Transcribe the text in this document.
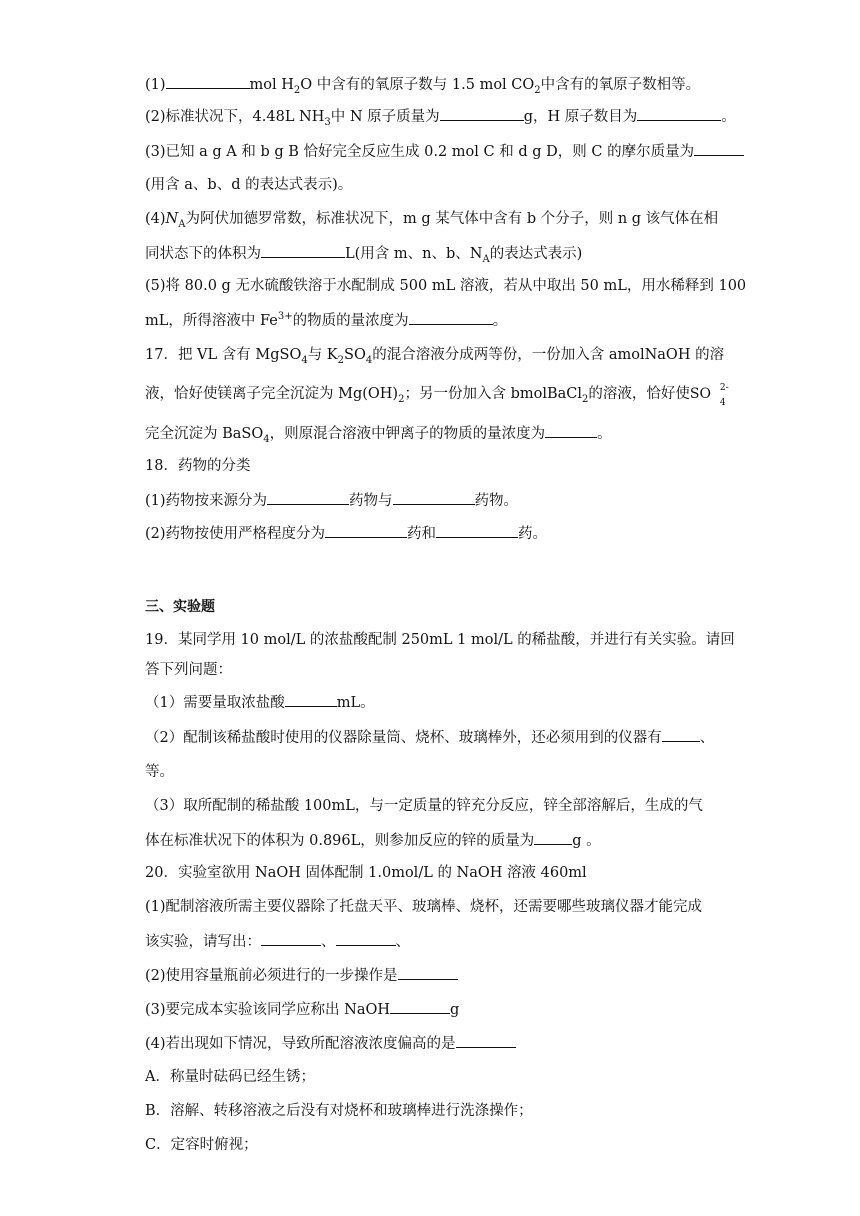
(1)	mol $H_2O$ 中含有的氧原子数与 1.5 mol $CO_2$中含有的氧原子数相等。
(2)标准状况下，4.48L $NH_3$中 N 原子质量为	g，H 原子数目为	。
(3)已知 a g A 和 b g B 恰好完全反应生成 0.2 mol C 和 d g D，则 C 的摩尔质量为
(用含 a、b、d 的表达式表示)。
$(4)N_A$为阿伏加德罗常数，标准状况下，m g 某气体中含有 b 个分子，则 n g 该气体在相
同状态下的体积为	L(用含 m、n、b、$N_A$的表达式表示)
(5)将 80.0 g 无水硫酸铁溶于水配制成 500 mL 溶液，若从中取出 50 mL，用水稀释到 100
mL，所得溶液中 $Fe^{3+}$的物质的量浓度为	。
17．把 VL 含有 MgSO$_4$与 $K_2SO_4$的混合溶液分成两等份，一份加入含 amolNaOH 的溶
液，恰好使镁离子完全沉淀为 $Mg(OH)_2$；另一份加入含 bmolBaCl$_2$的溶液，恰好使SO 2-
4
完全沉淀为 BaSO$_4$，则原混合溶液中钾离子的物质的量浓度为	。
18．药物的分类
(1)药物按来源分为	药物与	药物。
(2)药物按使用严格程度分为	药和	药。
三、实验题
19．某同学用 10 mol/L 的浓盐酸配制 250mL 1 mol/L 的稀盐酸，并进行有关实验。请回
答下列问题：
（1）需要量取浓盐酸	mL。
（2）配制该稀盐酸时使用的仪器除量筒、烧杯、玻璃棒外，还必须用到的仪器有	、
等。
（3）取所配制的稀盐酸 100mL，与一定质量的锌充分反应，锌全部溶解后，生成的气
体在标准状况下的体积为 0.896L，则参加反应的锌的质量为	g 。
20．实验室欲用 NaOH 固体配制 1.0mol/L 的 NaOH 溶液 460ml
(1)配制溶液所需主要仪器除了托盘天平、玻璃棒、烧杯，还需要哪些玻璃仪器才能完成
该实验，请写出：	、	、
(2)使用容量瓶前必须进行的一步操作是
(3)要完成本实验该同学应称出 NaOH	g
(4)若出现如下情况，导致所配溶液浓度偏高的是
A．称量时砝码已经生锈；
B．溶解、转移溶液之后没有对烧杯和玻璃棒进行洗涤操作；
C．定容时俯视；
